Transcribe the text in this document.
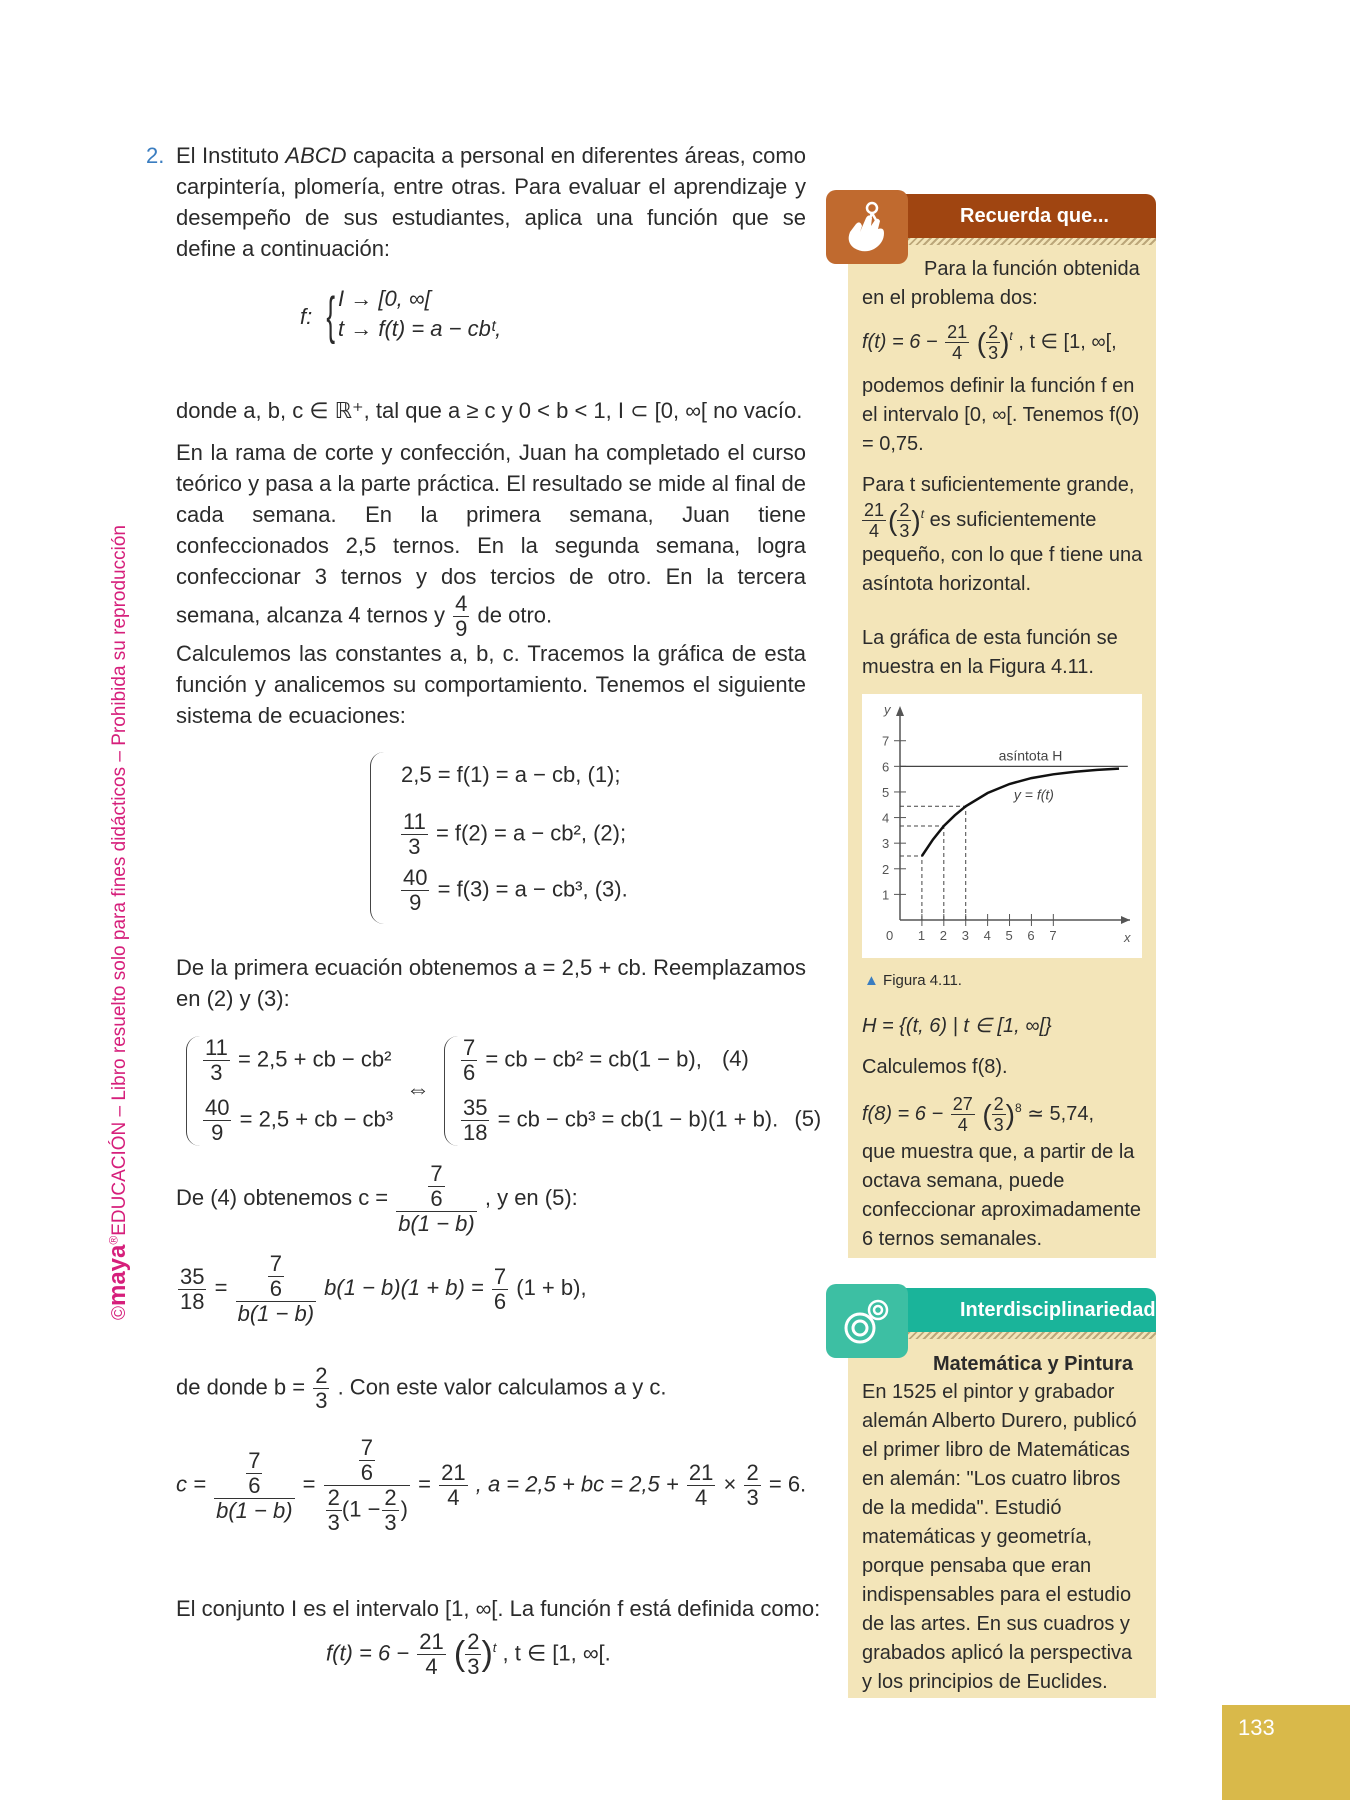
©maya®EDUCACIÓN – Libro resuelto solo para fines didácticos – Prohibida su reproducción
2. El Instituto ABCD capacita a personal en diferentes áreas, como carpintería, plomería, entre otras. Para evaluar el aprendizaje y desempeño de sus estudiantes, aplica una función que se define a continuación:

f: { I → [0, ∞[
t → f(t) = a − cbᵗ,

donde a, b, c ∈ ℝ⁺, tal que a ≥ c y 0 < b < 1, I ⊂ [0, ∞[ no vacío.

En la rama de corte y confección, Juan ha completado el curso teórico y pasa a la parte práctica. El resultado se mide al final de cada semana. En la primera semana, Juan tiene confeccionados 2,5 ternos. En la segunda semana, logra confeccionar 3 ternos y dos tercios de otro. En la tercera semana, alcanza 4 ternos y $\frac{4}{9}$ de otro.

Calculemos las constantes a, b, c. Tracemos la gráfica de esta función y analicemos su comportamiento. Tenemos el siguiente sistema de ecuaciones:

2,5 = f(1) = a − cb, (1);
$\frac{11}{3} = f(2) = a - cb^2$, (2);
$\frac{40}{9} = f(3) = a - cb^3$, (3).

De la primera ecuación obtenemos a = 2,5 + cb. Reemplazamos en (2) y (3):

$\frac{11}{3} = 2,5$ + cb − cb²
$\frac{40}{9} = 2,5$ + cb − cb³
⇔
$\frac{7}{6}$ = cb − cb² = cb(1 − b), (4)
$\frac{35}{18}$ = cb − cb³ = cb(1 − b)(1 + b). (5)
De (4) obtenemos $c = \frac{\frac{7}{6}}{b(1 - b)}$ , y en (5):
$\frac{35}{18} = \frac{\frac{7}{6}}{b(1 - b)} b(1 - b)(1 + b) = \frac{7}{6} (1 + b)$,
de donde $b = \frac{2}{3}$ . Con este valor calculamos a y c.
$c = \frac{\frac{7}{6}}{b(1 - b)} = \frac{\frac{7}{6}}{\frac{2}{3} (1 - \frac{2}{3} )} = \frac{21}{4}$ , a = 2,5 + bc = $2,5 + \frac{21}{4} \times \frac{2}{3} = 6$.

El conjunto I es el intervalo [1, ∞[. La función f está definida como:

$f(t) = 6 - \frac{21}{4}$ ( $\frac{2}{3} )^t$ , t ∈ [1, ∞[.
Recuerda que...
Para la función obtenida en el problema dos:
$f(t) = 6 - \frac{21}{4}$ ( $\frac{2}{3} )^t$ , t ∈ [1, ∞[,
podemos definir la función f en el intervalo [0, ∞[. Tenemos f(0) = 0,75.
Para t suficientemente grande,

$\frac{21}{4}$ ( $\frac{2}{3} )^t$ es suficientemente pequeño, con lo que f tiene una asíntota horizontal.
La gráfica de esta función se muestra en la Figura 4.11.
x
y
0 1 2 3 4 5 6 7
1
2
3
4
5
6
7
asíntota H
y = f(t)
▲ Figura 4.11.
H = {(t, 6) | t ∈ [1, ∞[}
Calculemos f(8).
$f(8) = 6 - \frac{27}{4}$ ( $\frac{2}{3} )^8$ ≃ 5,74,
que muestra que, a partir de la octava semana, puede confeccionar aproximadamente 6 ternos semanales.
Interdisciplinariedad
Matemática y Pintura
En 1525 el pintor y grabador alemán Alberto Durero, publicó el primer libro de Matemáticas en alemán: "Los cuatro libros de la medida". Estudió matemáticas y geometría, porque pensaba que eran indispensables para el estudio de las artes. En sus cuadros y grabados aplicó la perspectiva y los principios de Euclides.
133
